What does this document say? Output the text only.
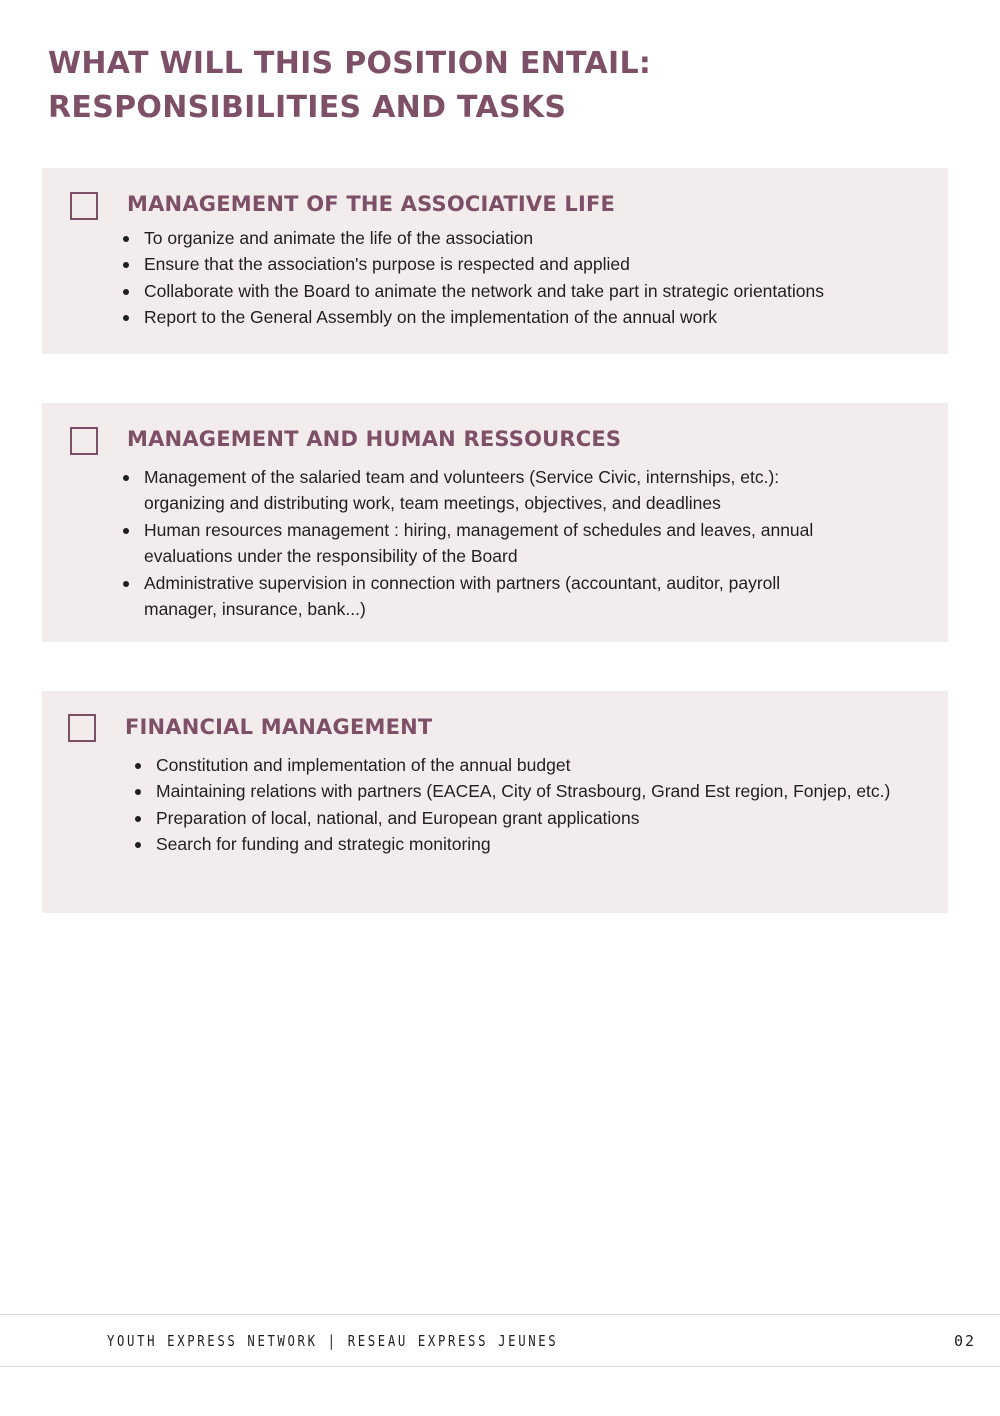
WHAT WILL THIS POSITION ENTAIL: RESPONSIBILITIES AND TASKS
MANAGEMENT OF THE ASSOCIATIVE LIFE
To organize and animate the life of the association
Ensure that the association's purpose is respected and applied
Collaborate with the Board to animate the network and take part in strategic orientations
Report to the General Assembly on the implementation of the annual work
MANAGEMENT AND HUMAN RESSOURCES
Management of the salaried team and volunteers (Service Civic, internships, etc.): organizing and distributing work, team meetings, objectives, and deadlines
Human resources management : hiring, management of schedules and leaves, annual evaluations under the responsibility of the Board
Administrative supervision in connection with partners (accountant, auditor, payroll manager, insurance, bank...)
FINANCIAL MANAGEMENT
Constitution and implementation of the annual budget
Maintaining relations with partners (EACEA, City of Strasbourg, Grand Est region, Fonjep, etc.)
Preparation of local, national, and European grant applications
Search for funding and strategic monitoring
YOUTH EXPRESS NETWORK | RESEAU EXPRESS JEUNES	02
